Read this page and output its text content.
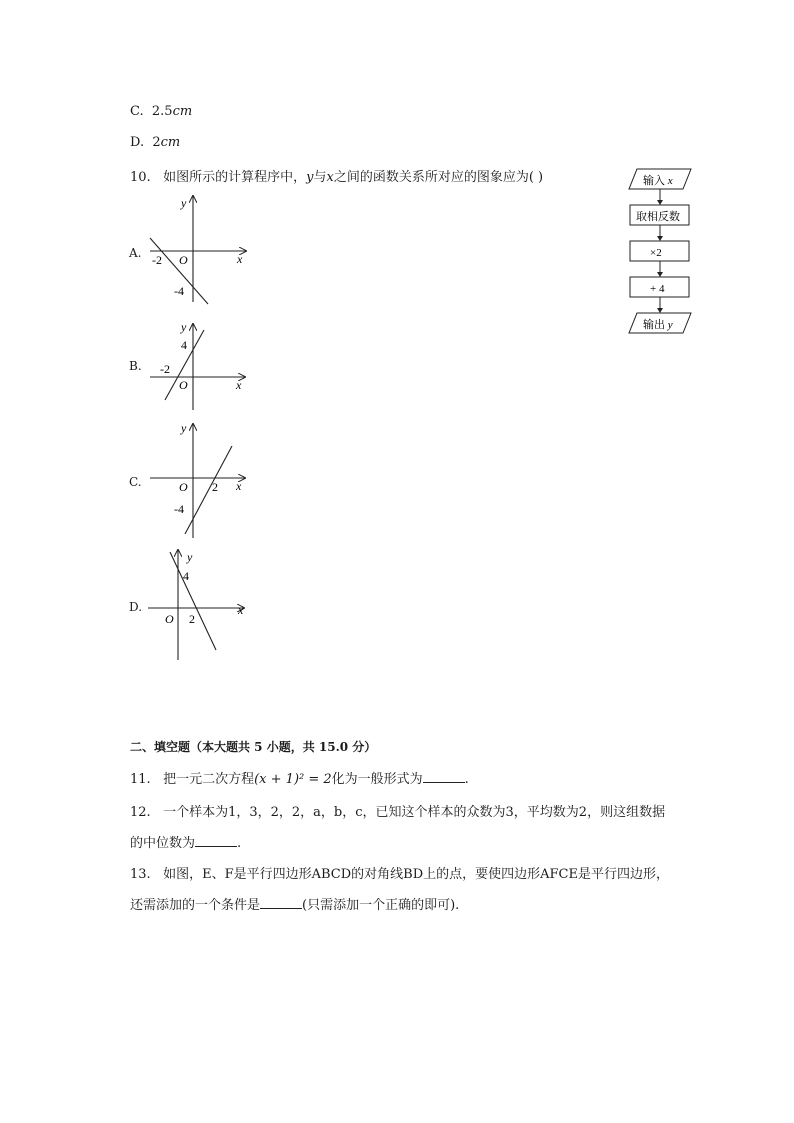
C. 2.5cm
D. 2cm
10. 如图所示的计算程序中，y与x之间的函数关系所对应的图象应为( )
A.
B.
C.
D.
y
x
O
-2
-4
y
x
O
4
-2
y
x
O 2
-4
y
x
O
4
2
输入 x
取相反数
×2
+ 4
输出 y
二、填空题（本大题共 5 小题，共 15.0 分）
11. 把一元二次方程(x + 1)² = 2化为一般形式为	.
12. 一个样本为1，3，2，2，a，b，c，已知这个样本的众数为3，平均数为2，则这组数据
的中位数为	.
13. 如图，E、F是平行四边形ABCD的对角线BD上的点，要使四边形AFCE是平行四边形，
还需添加的一个条件是	(只需添加一个正确的即可).
